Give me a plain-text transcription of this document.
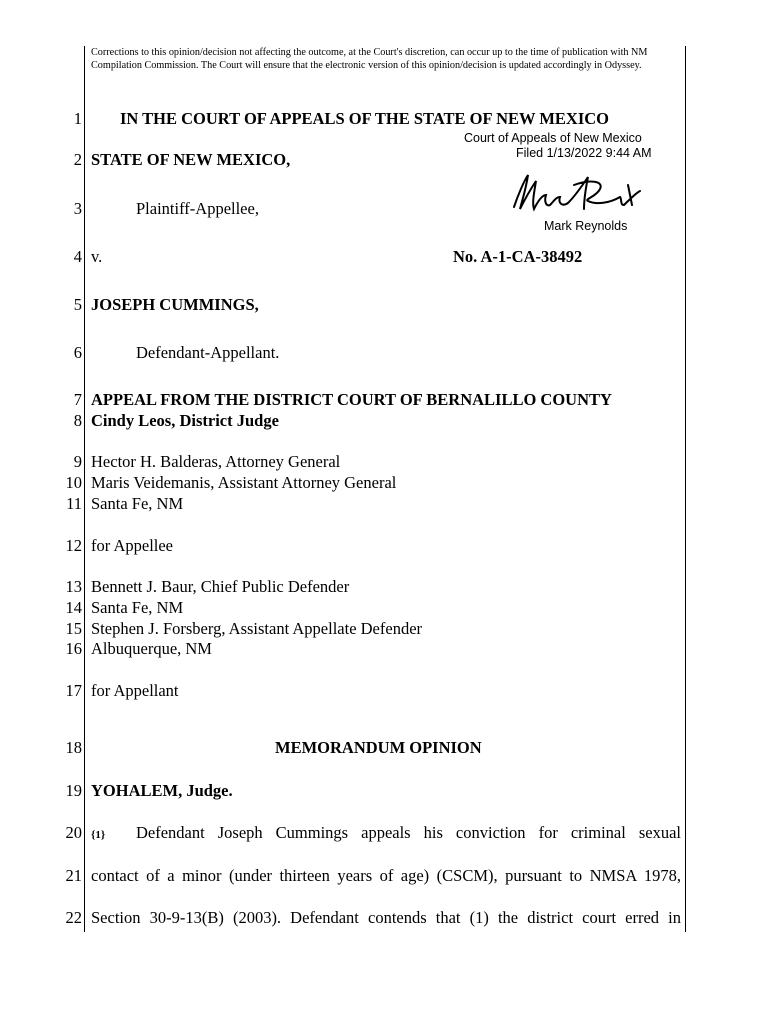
Corrections to this opinion/decision not affecting the outcome, at the Court's discretion, can occur up to the time of publication with NM Compilation Commission. The Court will ensure that the electronic version of this opinion/decision is updated accordingly in Odyssey.
1
2
3
4
5
6
7
8
9
10
11
12
13
14
15
16
17
18
19
20
21
22
IN THE COURT OF APPEALS OF THE STATE OF NEW MEXICO
Court of Appeals of New Mexico
Filed 1/13/2022 9:44 AM
Mark Reynolds
STATE OF NEW MEXICO,
Plaintiff-Appellee,
v.	No. A-1-CA-38492
JOSEPH CUMMINGS,
Defendant-Appellant.
APPEAL FROM THE DISTRICT COURT OF BERNALILLO COUNTY
Cindy Leos, District Judge
Hector H. Balderas, Attorney General
Maris Veidemanis, Assistant Attorney General
Santa Fe, NM
for Appellee
Bennett J. Baur, Chief Public Defender
Santa Fe, NM
Stephen J. Forsberg, Assistant Appellate Defender
Albuquerque, NM
for Appellant
MEMORANDUM OPINION
YOHALEM, Judge.
{1} Defendant Joseph Cummings appeals his conviction for criminal sexual
contact of a minor (under thirteen years of age) (CSCM), pursuant to NMSA 1978,
Section 30-9-13(B) (2003). Defendant contends that (1) the district court erred in
